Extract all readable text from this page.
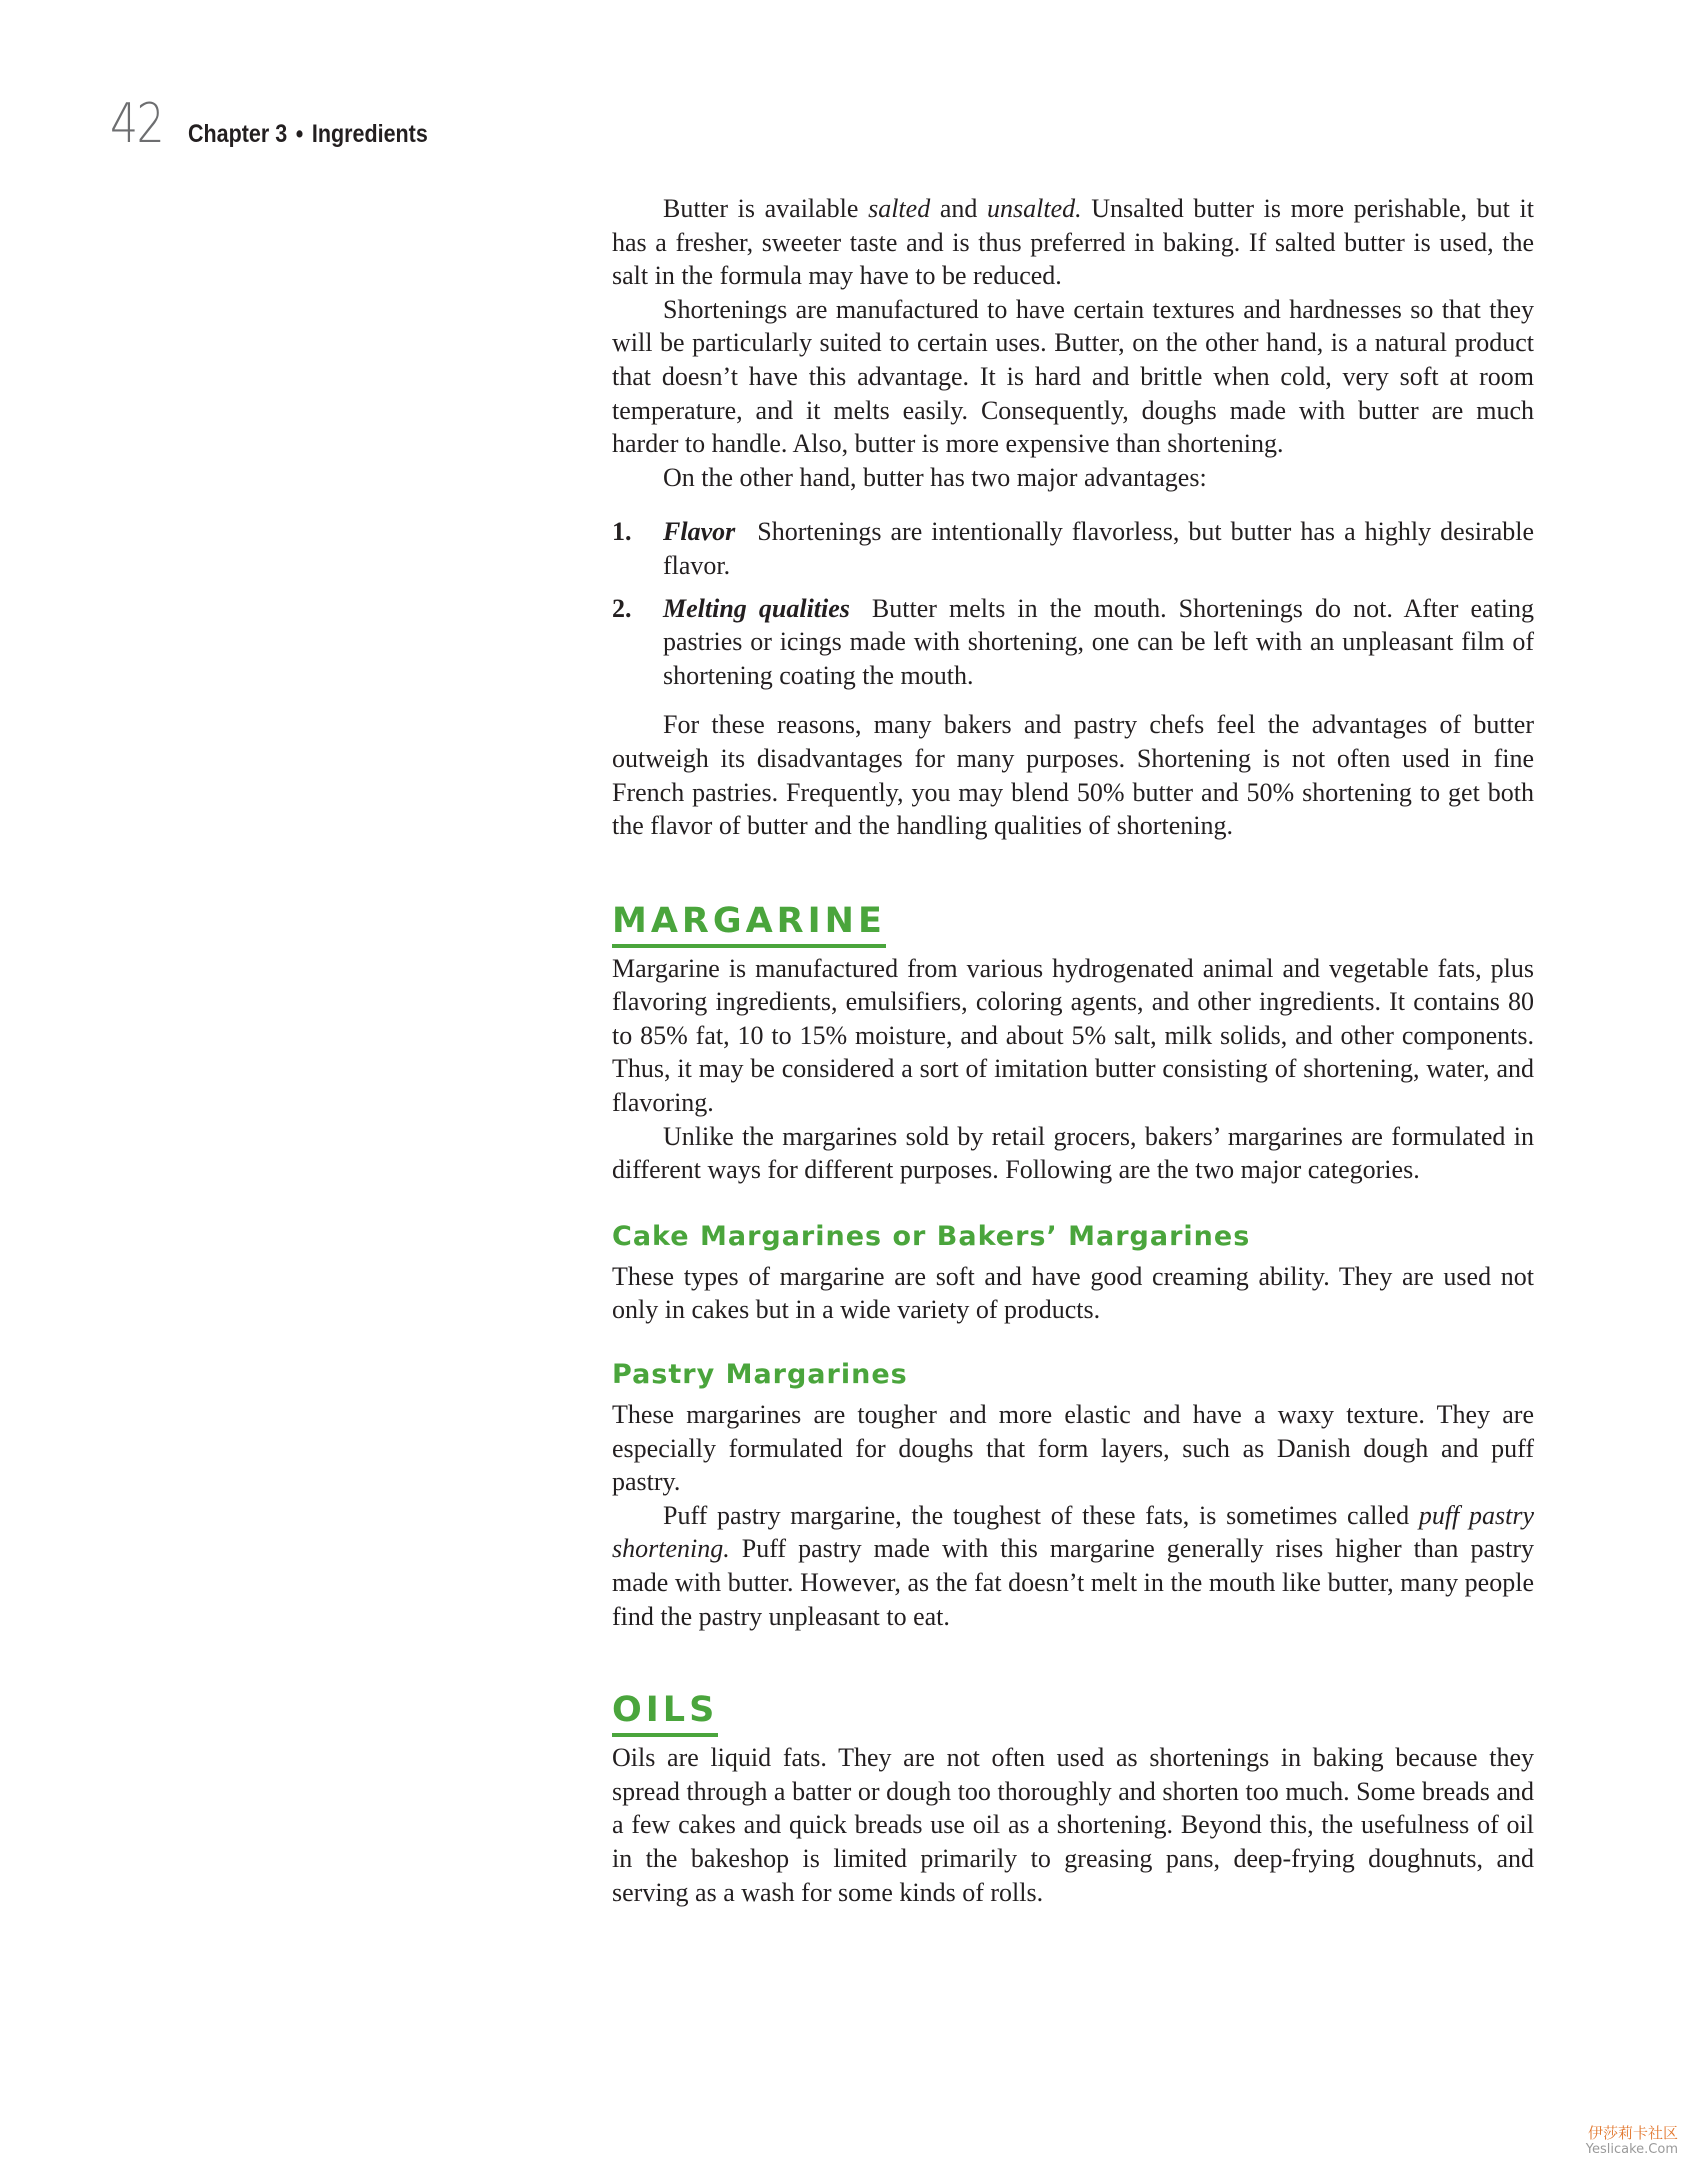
42 Chapter 3 • Ingredients

Butter is available salted and unsalted. Unsalted butter is more perishable, but it has a fresher, sweeter taste and is thus preferred in baking. If salted butter is used, the salt in the formula may have to be reduced.

Shortenings are manufactured to have certain textures and hardnesses so that they will be particularly suited to certain uses. Butter, on the other hand, is a natural product that doesn’t have this advantage. It is hard and brittle when cold, very soft at room temperature, and it melts easily. Consequently, doughs made with butter are much harder to handle. Also, butter is more expensive than shortening.

On the other hand, butter has two major advantages:

1.	Flavor Shortenings are intentionally flavorless, but butter has a highly desirable flavor.
2.	Melting qualities Butter melts in the mouth. Shortenings do not. After eating pastries or icings made with shortening, one can be left with an unpleasant film of shortening coating the mouth.

For these reasons, many bakers and pastry chefs feel the advantages of butter outweigh its disadvantages for many purposes. Shortening is not often used in fine French pastries. Frequently, you may blend 50% butter and 50% shortening to get both the flavor of butter and the handling qualities of shortening.

MARGARINE

Margarine is manufactured from various hydrogenated animal and vegetable fats, plus flavoring ingredients, emulsifiers, coloring agents, and other ingredients. It contains 80 to 85% fat, 10 to 15% moisture, and about 5% salt, milk solids, and other components. Thus, it may be considered a sort of imitation butter consisting of shortening, water, and flavoring.

Unlike the margarines sold by retail grocers, bakers’ margarines are formulated in different ways for different purposes. Following are the two major categories.

Cake Margarines or Bakers’ Margarines

These types of margarine are soft and have good creaming ability. They are used not only in cakes but in a wide variety of products.

Pastry Margarines

These margarines are tougher and more elastic and have a waxy texture. They are especially formulated for doughs that form layers, such as Danish dough and puff pastry.

Puff pastry margarine, the toughest of these fats, is sometimes called puff pastry shortening. Puff pastry made with this margarine generally rises higher than pastry made with butter. However, as the fat doesn’t melt in the mouth like butter, many people find the pastry unpleasant to eat.

OILS

Oils are liquid fats. They are not often used as shortenings in baking because they spread through a batter or dough too thoroughly and shorten too much. Some breads and a few cakes and quick breads use oil as a shortening. Beyond this, the usefulness of oil in the bakeshop is limited primarily to greasing pans, deep-frying doughnuts, and serving as a wash for some kinds of rolls.

伊莎莉卡社区
Yeslicake.Com
